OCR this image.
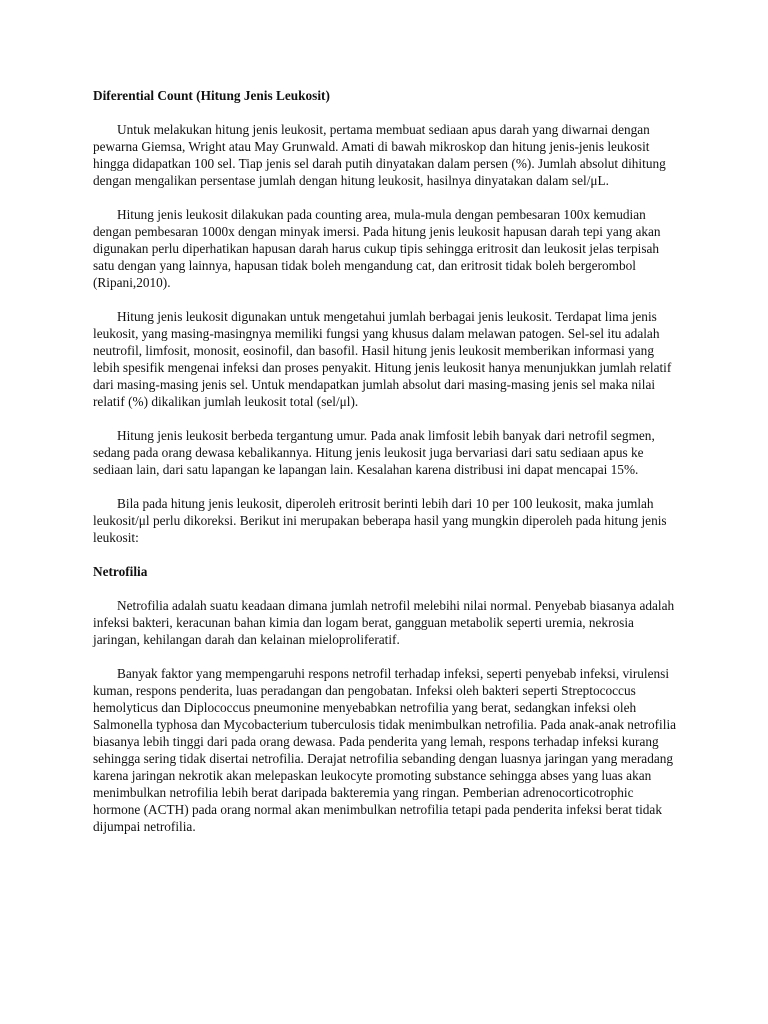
Diferential Count (Hitung Jenis Leukosit)

Untuk melakukan hitung jenis leukosit, pertama membuat sediaan apus darah yang diwarnai dengan pewarna Giemsa, Wright atau May Grunwald. Amati di bawah mikroskop dan hitung jenis-jenis leukosit hingga didapatkan 100 sel. Tiap jenis sel darah putih dinyatakan dalam persen (%). Jumlah absolut dihitung dengan mengalikan persentase jumlah dengan hitung leukosit, hasilnya dinyatakan dalam sel/μL.

Hitung jenis leukosit dilakukan pada counting area, mula-mula dengan pembesaran 100x kemudian dengan pembesaran 1000x dengan minyak imersi. Pada hitung jenis leukosit hapusan darah tepi yang akan digunakan perlu diperhatikan hapusan darah harus cukup tipis sehingga eritrosit dan leukosit jelas terpisah satu dengan yang lainnya, hapusan tidak boleh mengandung cat, dan eritrosit tidak boleh bergerombol (Ripani,2010).

Hitung jenis leukosit digunakan untuk mengetahui jumlah berbagai jenis leukosit. Terdapat lima jenis leukosit, yang masing-masingnya memiliki fungsi yang khusus dalam melawan patogen. Sel-sel itu adalah neutrofil, limfosit, monosit, eosinofil, dan basofil. Hasil hitung jenis leukosit memberikan informasi yang lebih spesifik mengenai infeksi dan proses penyakit. Hitung jenis leukosit hanya menunjukkan jumlah relatif dari masing-masing jenis sel. Untuk mendapatkan jumlah absolut dari masing-masing jenis sel maka nilai relatif (%) dikalikan jumlah leukosit total (sel/μl).

Hitung jenis leukosit berbeda tergantung umur. Pada anak limfosit lebih banyak dari netrofil segmen, sedang pada orang dewasa kebalikannya. Hitung jenis leukosit juga bervariasi dari satu sediaan apus ke sediaan lain, dari satu lapangan ke lapangan lain. Kesalahan karena distribusi ini dapat mencapai 15%.

Bila pada hitung jenis leukosit, diperoleh eritrosit berinti lebih dari 10 per 100 leukosit, maka jumlah leukosit/μl perlu dikoreksi. Berikut ini merupakan beberapa hasil yang mungkin diperoleh pada hitung jenis leukosit:

Netrofilia

Netrofilia adalah suatu keadaan dimana jumlah netrofil melebihi nilai normal. Penyebab biasanya adalah infeksi bakteri, keracunan bahan kimia dan logam berat, gangguan metabolik seperti uremia, nekrosia jaringan, kehilangan darah dan kelainan mieloproliferatif.

Banyak faktor yang mempengaruhi respons netrofil terhadap infeksi, seperti penyebab infeksi, virulensi kuman, respons penderita, luas peradangan dan pengobatan. Infeksi oleh bakteri seperti Streptococcus hemolyticus dan Diplococcus pneumonine menyebabkan netrofilia yang berat, sedangkan infeksi oleh Salmonella typhosa dan Mycobacterium tuberculosis tidak menimbulkan netrofilia. Pada anak-anak netrofilia biasanya lebih tinggi dari pada orang dewasa. Pada penderita yang lemah, respons terhadap infeksi kurang sehingga sering tidak disertai netrofilia. Derajat netrofilia sebanding dengan luasnya jaringan yang meradang karena jaringan nekrotik akan melepaskan leukocyte promoting substance sehingga abses yang luas akan menimbulkan netrofilia lebih berat daripada bakteremia yang ringan. Pemberian adrenocorticotrophic hormone (ACTH) pada orang normal akan menimbulkan netrofilia tetapi pada penderita infeksi berat tidak dijumpai netrofilia.
